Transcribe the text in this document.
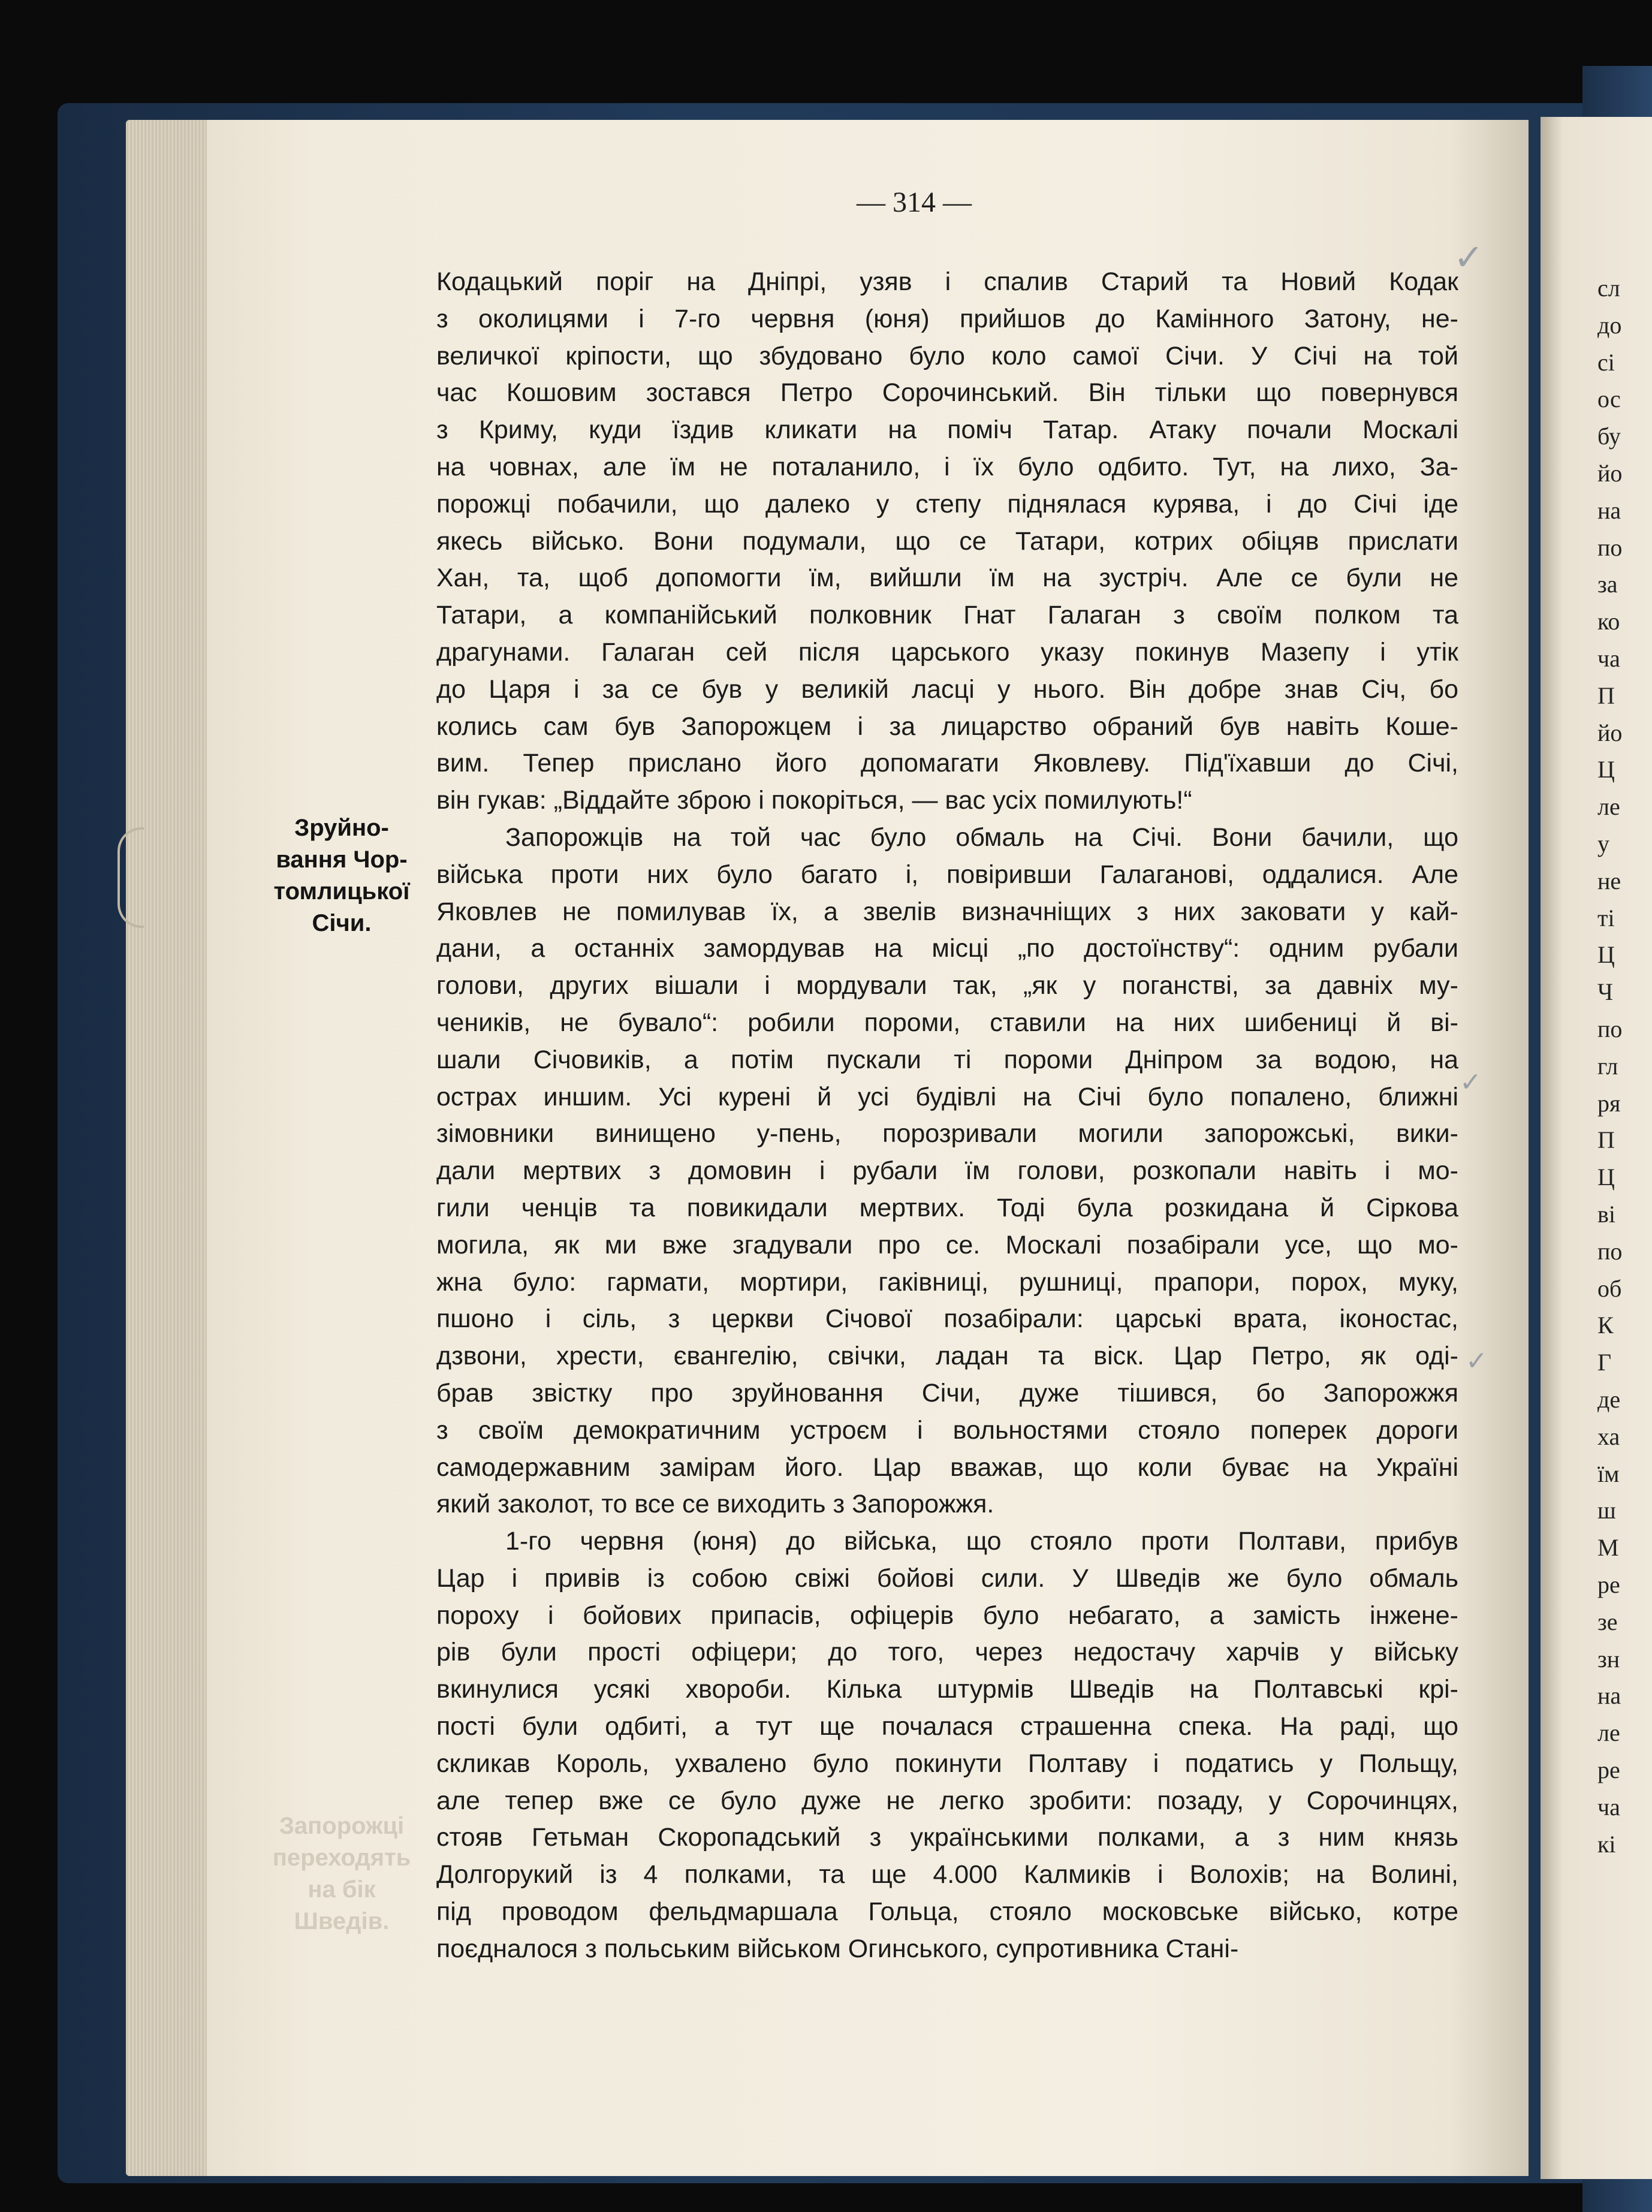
— 314 —
Зруйно-
вання Чор-
томлицької
Січи.
Запорожці
переходять
на бік
Шведів.
Кодацький поріг на Дніпрі, узяв і спалив Старий та Новий Кодак
з околицями і 7-го червня (юня) прийшов до Камінного Затону, не-
величкої кріпости, що збудовано було коло самої Січи. У Січі на той
час Кошовим зостався Петро Сорочинський. Він тільки що повернувся
з Криму, куди їздив кликати на поміч Татар. Атаку почали Москалі
на човнах, але їм не поталанило, і їх було одбито. Тут, на лихо, За-
порожці побачили, що далеко у степу піднялася курява, і до Січі іде
якесь військо. Вони подумали, що се Татари, котрих обіцяв прислати
Хан, та, щоб допомогти їм, вийшли їм на зустріч. Але се були не
Татари, а компанійський полковник Гнат Галаган з своїм полком та
драгунами. Галаган сей після царського указу покинув Мазепу і утік
до Царя і за се був у великій ласці у нього. Він добре знав Січ, бо
колись сам був Запорожцем і за лицарство обраний був навіть Коше-
вим. Тепер прислано його допомагати Яковлеву. Під'їхавши до Січі,
він гукав: „Віддайте зброю і покоріться, — вас усіх помилують!“
Запорожців на той час було обмаль на Січі. Вони бачили, що
війська проти них було багато і, повіривши Галаганові, оддалися. Але
Яковлев не помилував їх, а звелів визначніщих з них заковати у кай-
дани, а останніх замордував на місці „по достоїнству“: одним рубали
голови, других вішали і мордували так, „як у поганстві, за давніх му-
чеників, не бувало“: робили пороми, ставили на них шибениці й ві-
шали Січовиків, а потім пускали ті пороми Дніпром за водою, на
острах иншим. Усі курені й усі будівлі на Січі було попалено, ближні
зімовники винищено у-пень, порозривали могили запорожські, вики-
дали мертвих з домовин і рубали їм голови, розкопали навіть і мо-
гили ченців та повикидали мертвих. Тоді була розкидана й Сіркова
могила, як ми вже згадували про се. Москалі позабірали усе, що мо-
жна було: гармати, мортири, гаківниці, рушниці, прапори, порох, муку,
пшоно і сіль, з церкви Січової позабірали: царські врата, іконостас,
дзвони, хрести, євангелію, свічки, ладан та віск. Цар Петро, як оді-
брав звістку про зруйновання Січи, дуже тішився, бо Запорожжя
з своїм демократичним устроєм і вольностями стояло поперек дороги
самодержавним замірам його. Цар вважав, що коли буває на Україні
який заколот, то все се виходить з Запорожжя.
1-го червня (юня) до війська, що стояло проти Полтави, прибув
Цар і привів із собою свіжі бойові сили. У Шведів же було обмаль
пороху і бойових припасів, офіцерів було небагато, а замість інжене-
рів були прості офіцери; до того, через недостачу харчів у війську
вкинулися усякі хвороби. Кілька штурмів Шведів на Полтавські крі-
пості були одбиті, а тут ще почалася страшенна спека. На раді, що
скликав Король, ухвалено було покинути Полтаву і податись у Польщу,
але тепер вже се було дуже не легко зробити: позаду, у Сорочинцях,
стояв Гетьман Скоропадський з українськими полками, а з ним князь
Долгорукий із 4 полками, та ще 4.000 Калмиків і Волохів; на Волині,
під проводом фельдмаршала Гольца, стояло московське військо, котре
поєдналося з польським військом Огинського, супротивника Стані-
✓
✓
✓
сл
до
сі
ос
бу
йо
на
по
за
ко
ча
П
йо
Ц
ле
у
не
ті
Ц
Ч
по
гл
ря
П
Ц
ві
по
об
К
Г
де
ха
їм
ш
М
ре
зе
зн
на
ле
ре
ча
кі
